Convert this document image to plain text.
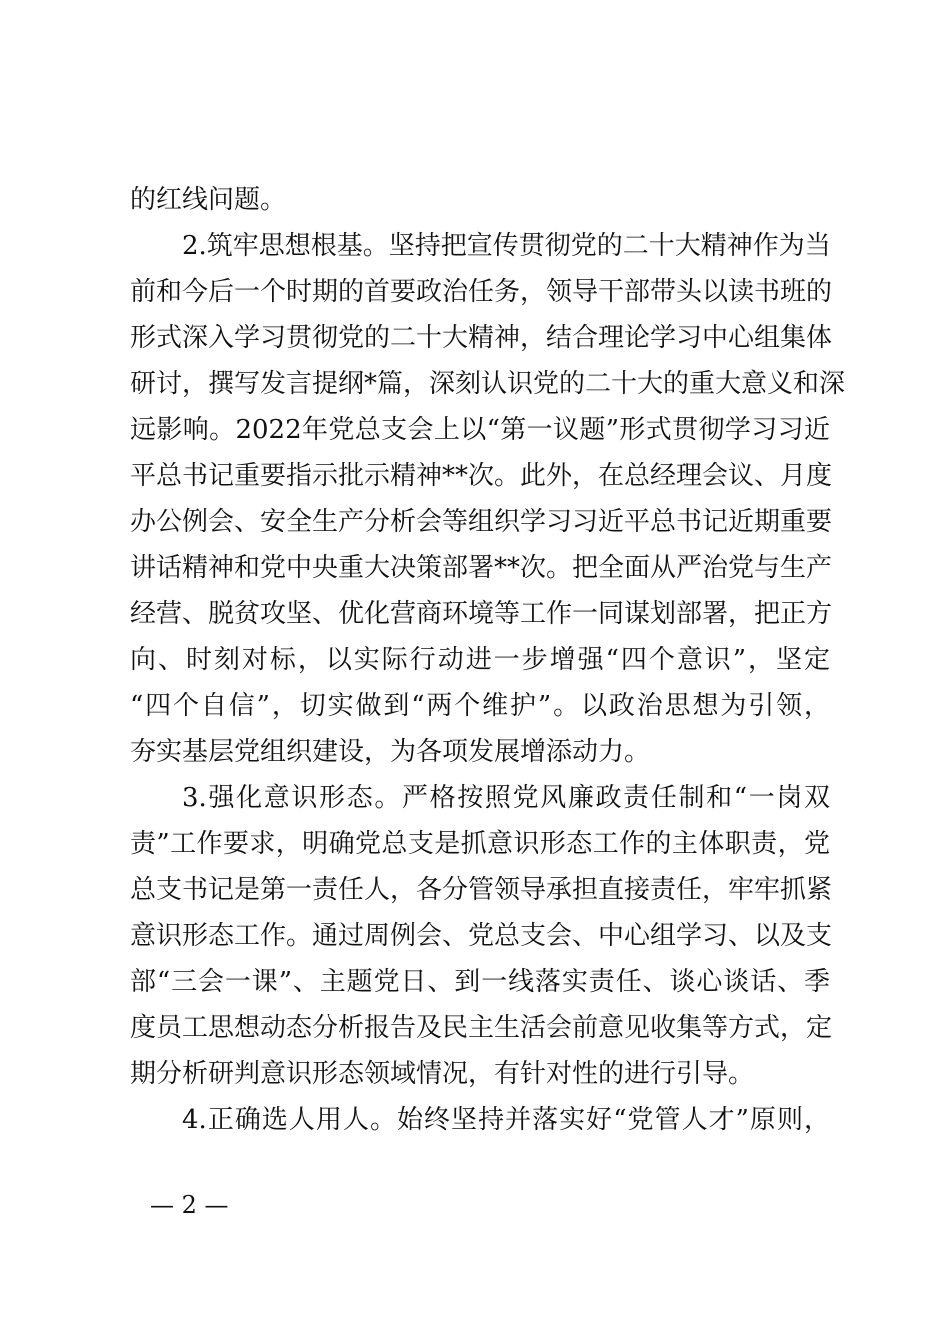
的红线问题。
2.筑牢思想根基。坚持把宣传贯彻党的二十大精神作为当
前和今后一个时期的首要政治任务，领导干部带头以读书班的
形式深入学习贯彻党的二十大精神，结合理论学习中心组集体
研讨，撰写发言提纲*篇，深刻认识党的二十大的重大意义和深
远影响。2022年党总支会上以“第一议题”形式贯彻学习习近
平总书记重要指示批示精神**次。此外，在总经理会议、月度
办公例会、安全生产分析会等组织学习习近平总书记近期重要
讲话精神和党中央重大决策部署**次。把全面从严治党与生产
经营、脱贫攻坚、优化营商环境等工作一同谋划部署，把正方
向、时刻对标，以实际行动进一步增强“四个意识”，坚定
“四个自信”，切实做到“两个维护”。以政治思想为引领，
夯实基层党组织建设，为各项发展增添动力。
3.强化意识形态。严格按照党风廉政责任制和“一岗双
责”工作要求，明确党总支是抓意识形态工作的主体职责，党
总支书记是第一责任人，各分管领导承担直接责任，牢牢抓紧
意识形态工作。通过周例会、党总支会、中心组学习、以及支
部“三会一课”、主题党日、到一线落实责任、谈心谈话、季
度员工思想动态分析报告及民主生活会前意见收集等方式，定
期分析研判意识形态领域情况，有针对性的进行引导。
4.正确选人用人。始终坚持并落实好“党管人才”原则，
— 2 —
